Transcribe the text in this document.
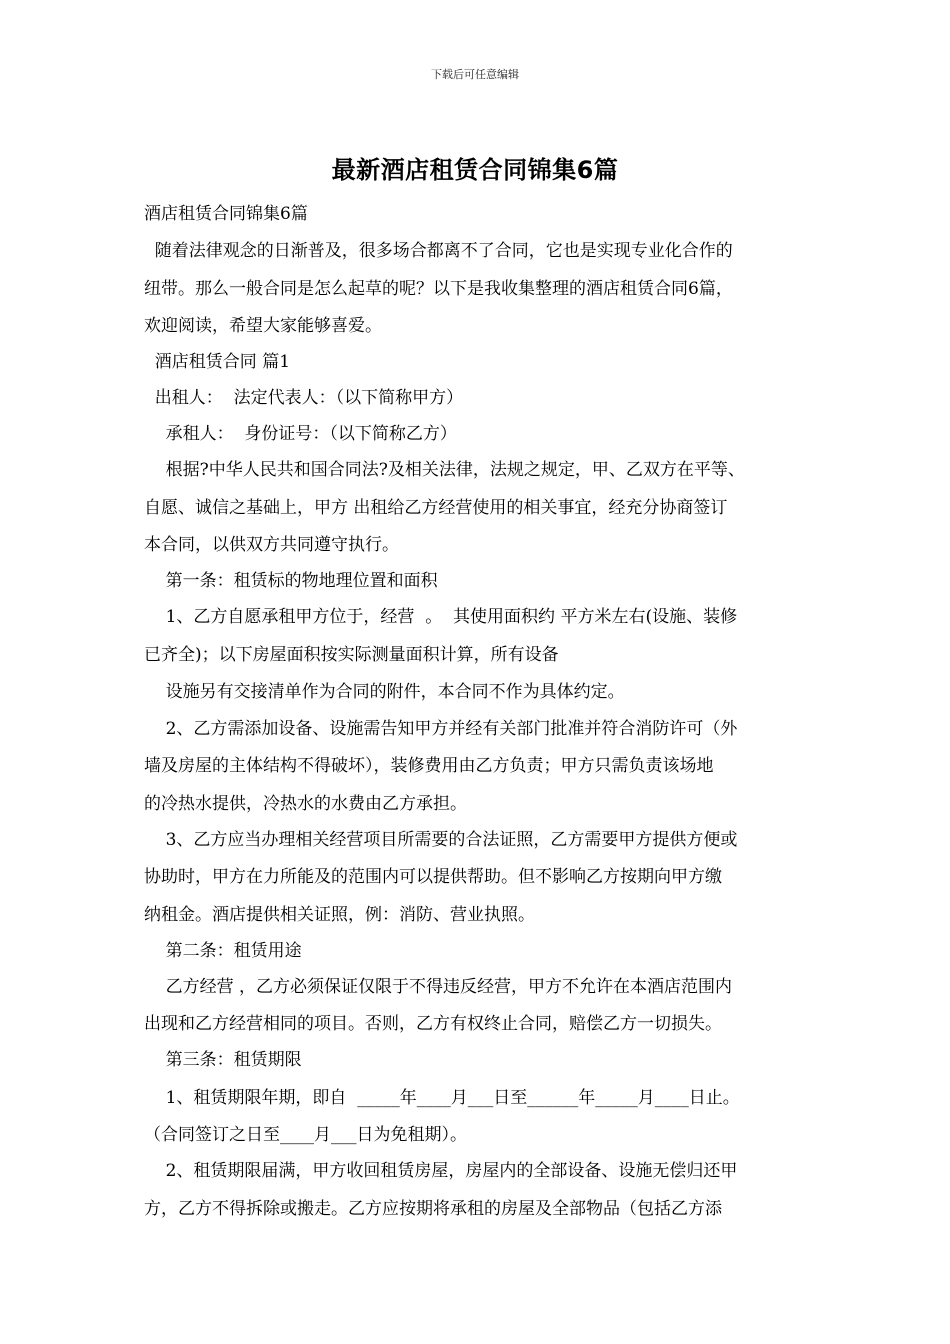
下载后可任意编辑
最新酒店租赁合同锦集6篇
酒店租赁合同锦集6篇
随着法律观念的日渐普及，很多场合都离不了合同，它也是实现专业化合作的
纽带。那么一般合同是怎么起草的呢？以下是我收集整理的酒店租赁合同6篇，
欢迎阅读，希望大家能够喜爱。
酒店租赁合同 篇1
出租人：  法定代表人：（以下简称甲方）
承租人：  身份证号：（以下简称乙方）
根据?中华人民共和国合同法?及相关法律，法规之规定，甲、乙双方在平等、
自愿、诚信之基础上，甲方 出租给乙方经营使用的相关事宜，经充分协商签订
本合同，以供双方共同遵守执行。
第一条：租赁标的物地理位置和面积
1、乙方自愿承租甲方位于，经营  。  其使用面积约 平方米左右(设施、装修
已齐全)；以下房屋面积按实际测量面积计算，所有设备
设施另有交接清单作为合同的附件，本合同不作为具体约定。
2、乙方需添加设备、设施需告知甲方并经有关部门批准并符合消防许可（外
墙及房屋的主体结构不得破坏），装修费用由乙方负责；甲方只需负责该场地
的冷热水提供，冷热水的水费由乙方承担。
3、乙方应当办理相关经营项目所需要的合法证照，乙方需要甲方提供方便或
协助时，甲方在力所能及的范围内可以提供帮助。但不影响乙方按期向甲方缴
纳租金。酒店提供相关证照，例：消防、营业执照。
第二条：租赁用途
乙方经营 ，乙方必须保证仅限于不得违反经营，甲方不允许在本酒店范围内
出现和乙方经营相同的项目。否则，乙方有权终止合同，赔偿乙方一切损失。
第三条：租赁期限
1、租赁期限年期，即自  _____年____月___日至______年_____月____日止。
（合同签订之日至____月___日为免租期）。
2、租赁期限届满，甲方收回租赁房屋，房屋内的全部设备、设施无偿归还甲
方，乙方不得拆除或搬走。乙方应按期将承租的房屋及全部物品（包括乙方添
